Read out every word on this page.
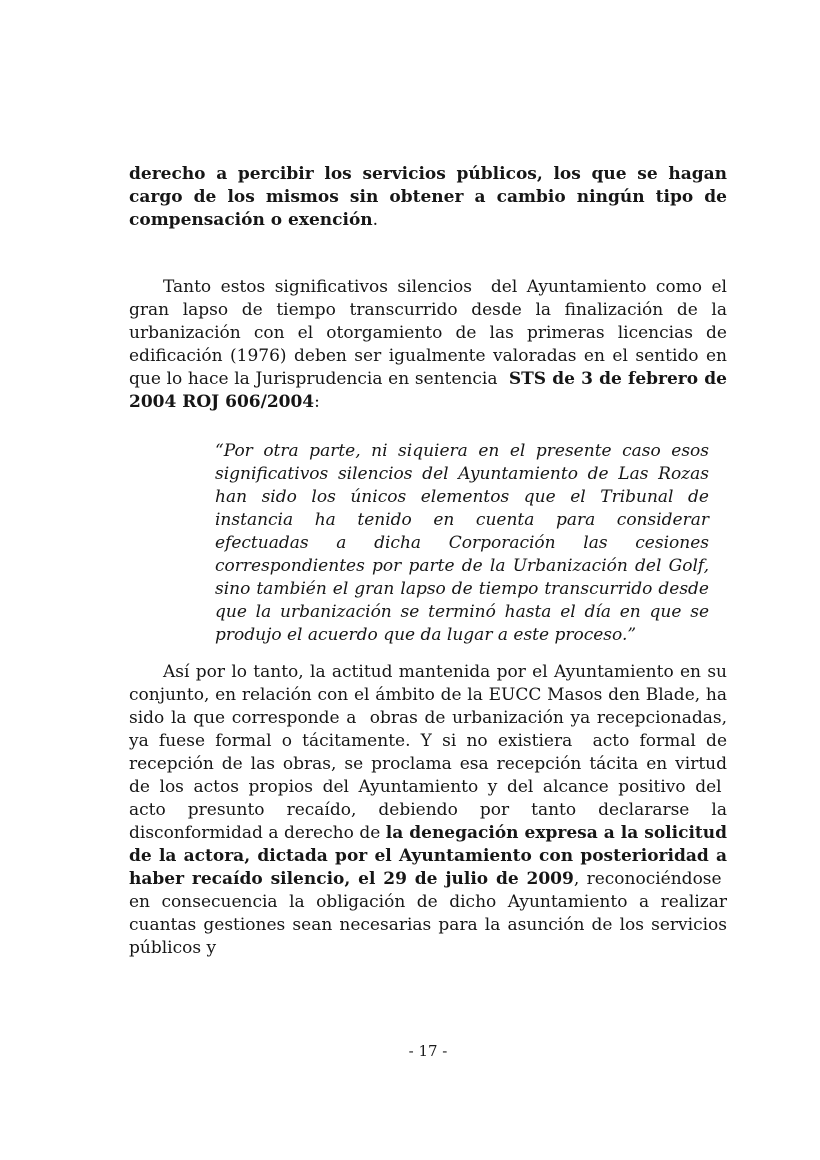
derecho a percibir los servicios públicos, los que se hagan cargo de los mismos sin obtener a cambio ningún tipo de compensación o exención.

Tanto estos significativos silencios  del Ayuntamiento como el gran lapso de tiempo transcurrido desde la finalización de la urbanización con el otorgamiento de las primeras licencias de edificación (1976) deben ser igualmente valoradas en el sentido en que lo hace la Jurisprudencia en sentencia  STS de 3 de febrero de 2004 ROJ 606/2004:

“Por otra parte, ni siquiera en el presente caso esos significativos silencios del Ayuntamiento de Las Rozas han sido los únicos elementos que el Tribunal de instancia ha tenido en cuenta para considerar efectuadas a dicha Corporación las cesiones correspondientes por parte de la Urbanización del Golf, sino también el gran lapso de tiempo transcurrido desde que la urbanización se terminó hasta el día en que se produjo el acuerdo que da lugar a este proceso.”

Así por lo tanto, la actitud mantenida por el Ayuntamiento en su conjunto, en relación con el ámbito de la EUCC Masos den Blade, ha sido la que corresponde a  obras de urbanización ya recepcionadas, ya fuese formal o tácitamente. Y si no existiera  acto formal de recepción de las obras, se proclama esa recepción tácita en virtud de los actos propios del Ayuntamiento y del alcance positivo del  acto presunto recaído, debiendo por tanto declararse la disconformidad a derecho de la denegación expresa a la solicitud de la actora, dictada por el Ayuntamiento con posterioridad a haber recaído silencio, el 29 de julio de 2009, reconociéndose  en consecuencia la obligación de dicho Ayuntamiento a realizar cuantas gestiones sean necesarias para la asunción de los servicios públicos y

- 17 -
